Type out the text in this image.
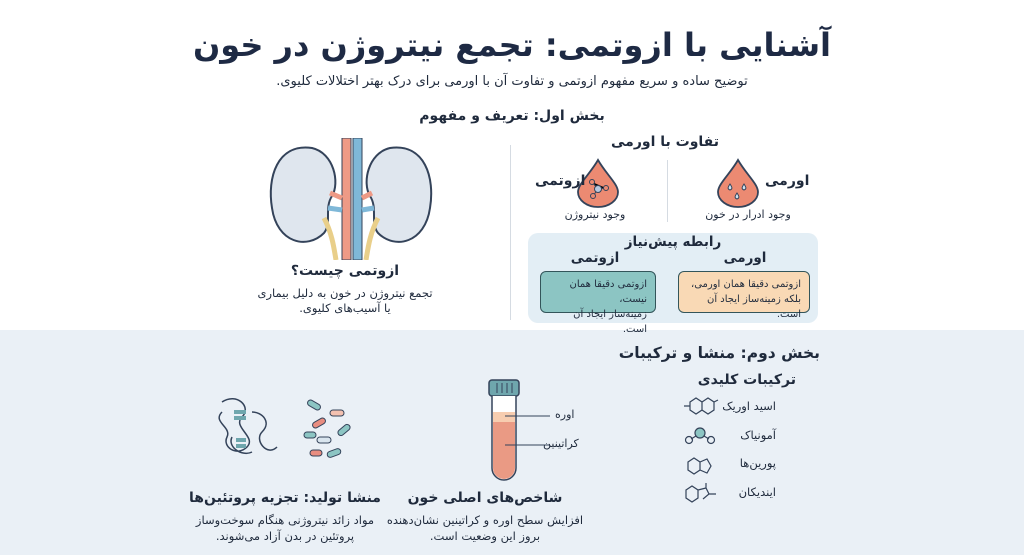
آشنایی با ازوتمی: تجمع نیتروژن در خون
توضیح ساده و سریع مفهوم ازوتمی و تفاوت آن با اورمی برای درک بهتر اختلالات کلیوی.
بخش اول: تعریف و مفهوم
ازوتمی چیست؟
تجمع نیتروژن در خون به دلیل بیماری
یا آسیب‌های کلیوی.
تفاوت با اورمی
اورمی
وجود ادرار در خون
ازوتمی
وجود نیتروژن
رابطه پیش‌نیاز
اورمی
ازوتمی
ازوتمی دقیقا همان اورمی،
بلکه زمینه‌ساز ایجاد آن است.
ازوتمی دقیقا همان نیست،
زمینه‌ساز ایجاد آن است.
بخش دوم: منشا و ترکیبات
ترکیبات کلیدی
اسید اوریک
آمونیاک
پورین‌ها
ایندیکان
اوره
کراتینین
شاخص‌های اصلی خون
افزایش سطح اوره و کراتینین نشان‌دهنده
بروز این وضعیت است.
منشا تولید: تجزیه پروتئین‌ها
مواد زائد نیتروژنی هنگام سوخت‌وساز
پروتئین در بدن آزاد می‌شوند.
